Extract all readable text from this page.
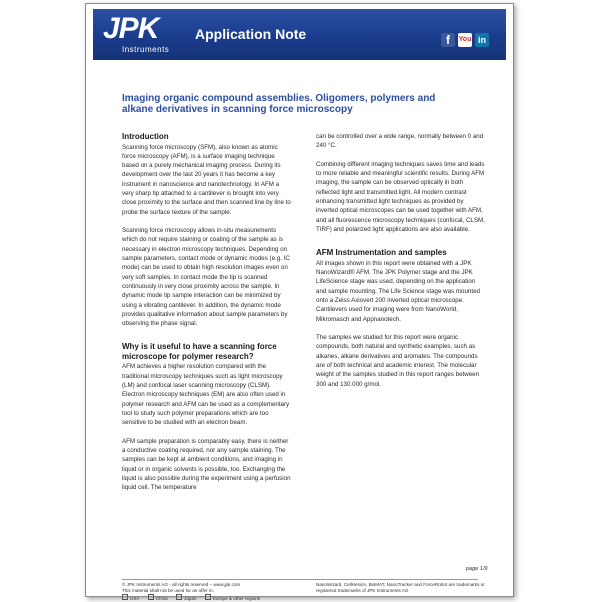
JPK
Instruments
Application Note	f	You in
Imaging organic compound assemblies. Oligomers, polymers and alkane derivatives in scanning force microscopy
Introduction

Scanning force microscopy (SFM), also known as atomic force microscopy (AFM), is a surface imaging technique based on a purely mechanical imaging process. During its development over the last 20 years it has become a key instrument in nanoscience and nanotechnology. In AFM a very sharp tip attached to a cantilever is brought into very close proximity to the surface and then scanned line by line to probe the surface texture of the sample.

Scanning force microscopy allows in-situ measurements which do not require staining or coating of the sample as is necessary in electron microscopy techniques. Depending on sample parameters, contact mode or dynamic modes (e.g. IC mode) can be used to obtain high resolution images even on very soft samples. In contact mode the tip is scanned continuously in very close proximity across the sample. In dynamic mode tip sample interaction can be minimized by using a vibrating cantilever. In addition, the dynamic mode provides qualitative information about sample parameters by observing the phase signal.

Why is it useful to have a scanning force microscope for polymer research?

AFM achieves a higher resolution compared with the traditional microscopy techniques such as light microscopy (LM) and confocal laser scanning microscopy (CLSM). Electron microscopy techniques (EM) are also often used in polymer research and AFM can be used as a complementary tool to study such polymer preparations which are too sensitive to be studied with an electron beam.

AFM sample preparation is comparably easy, there is neither a conductive coating required, nor any sample staining. The samples can be kept at ambient conditions, and imaging in liquid or in organic solvents is possible, too. Exchanging the liquid is also possible during the experiment using a perfusion liquid cell. The temperature

can be controlled over a wide range, normally between 0 and 240 °C.

Combining different imaging techniques saves time and leads to more reliable and meaningful scientific results. During AFM imaging, the sample can be observed optically in both reflected light and transmitted light. All modern contrast enhancing transmitted light techniques as provided by inverted optical microscopes can be used together with AFM, and all fluorescence microscopy techniques (confocal, CLSM, TIRF) and polarized light applications are also available.

AFM Instrumentation and samples

All images shown in this report were obtained with a JPK NanoWizard® AFM. The JPK Polymer stage and the JPK LifeScience stage was used, depending on the application and sample mounting. The Life Science stage was mounted onto a Zeiss Axiovert 200 inverted optical microscope. Cantilevers used for imaging were from NanoWorld, Mikromasch and Appnanotech.

The samples we studied for this report were organic compounds, both natural and synthetic examples, such as alkanes, alkane derivatives and aromates. The compounds are of both technical and academic interest. The molecular weight of the samples studied in this report ranges between 300 and 130.000 g/mol.

page 1/9
© JPK Instruments AG - all rights reserved – www.jpk.com
This material shall not be used for an offer in:
USA	China	Japan	Europe & other regions
NanoWizard, CellHesion, BioMAT, NanoTracker and ForceRobot are trademarks or registered trademarks of JPK Instruments AG
